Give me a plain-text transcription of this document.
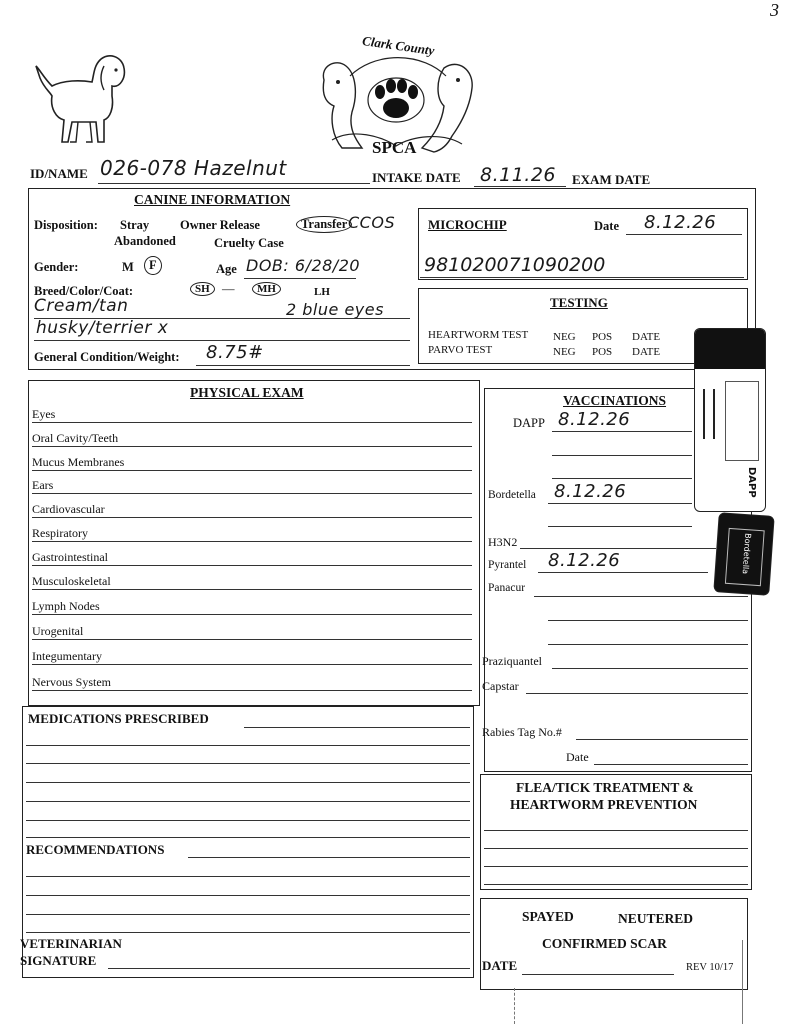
3
Clark County
SPCA
ID/NAME 026-078 Hazelnut	INTAKE DATE 8.11.26 EXAM DATE
CANINE INFORMATION
Disposition: Stray Owner Release	Transfer CCOS
Abandoned	Cruelty Case
Gender:	M	F	Age DOB: 6/28/20
Breed/Color/Coat:	SH —	MH	LH
Cream/tan	2 blue eyes
husky/terrier x
General Condition/Weight: 8.75#
MICROCHIP	Date 8.12.26
981020071090200
TESTING
HEARTWORM TEST NEG POS DATE
PARVO TEST	NEG POS DATE
PHYSICAL EXAM
Eyes
Oral Cavity/Teeth
Mucus Membranes
Ears
Cardiovascular
Respiratory
Gastrointestinal
Musculoskeletal
Lymph Nodes
Urogenital
Integumentary
Nervous System
MEDICATIONS PRESCRIBED
RECOMMENDATIONS
VETERINARIAN
SIGNATURE
VACCINATIONS
DAPP 8.12.26
Bordetella 8.12.26
H3N2
Pyrantel 8.12.26
Panacur
Praziquantel
Capstar
Rabies Tag No.#
Date
FLEA/TICK TREATMENT &
HEARTWORM PREVENTION
SPAYED	NEUTERED
CONFIRMED SCAR
DATE	REV 10/17
DAPP
Bordetella
